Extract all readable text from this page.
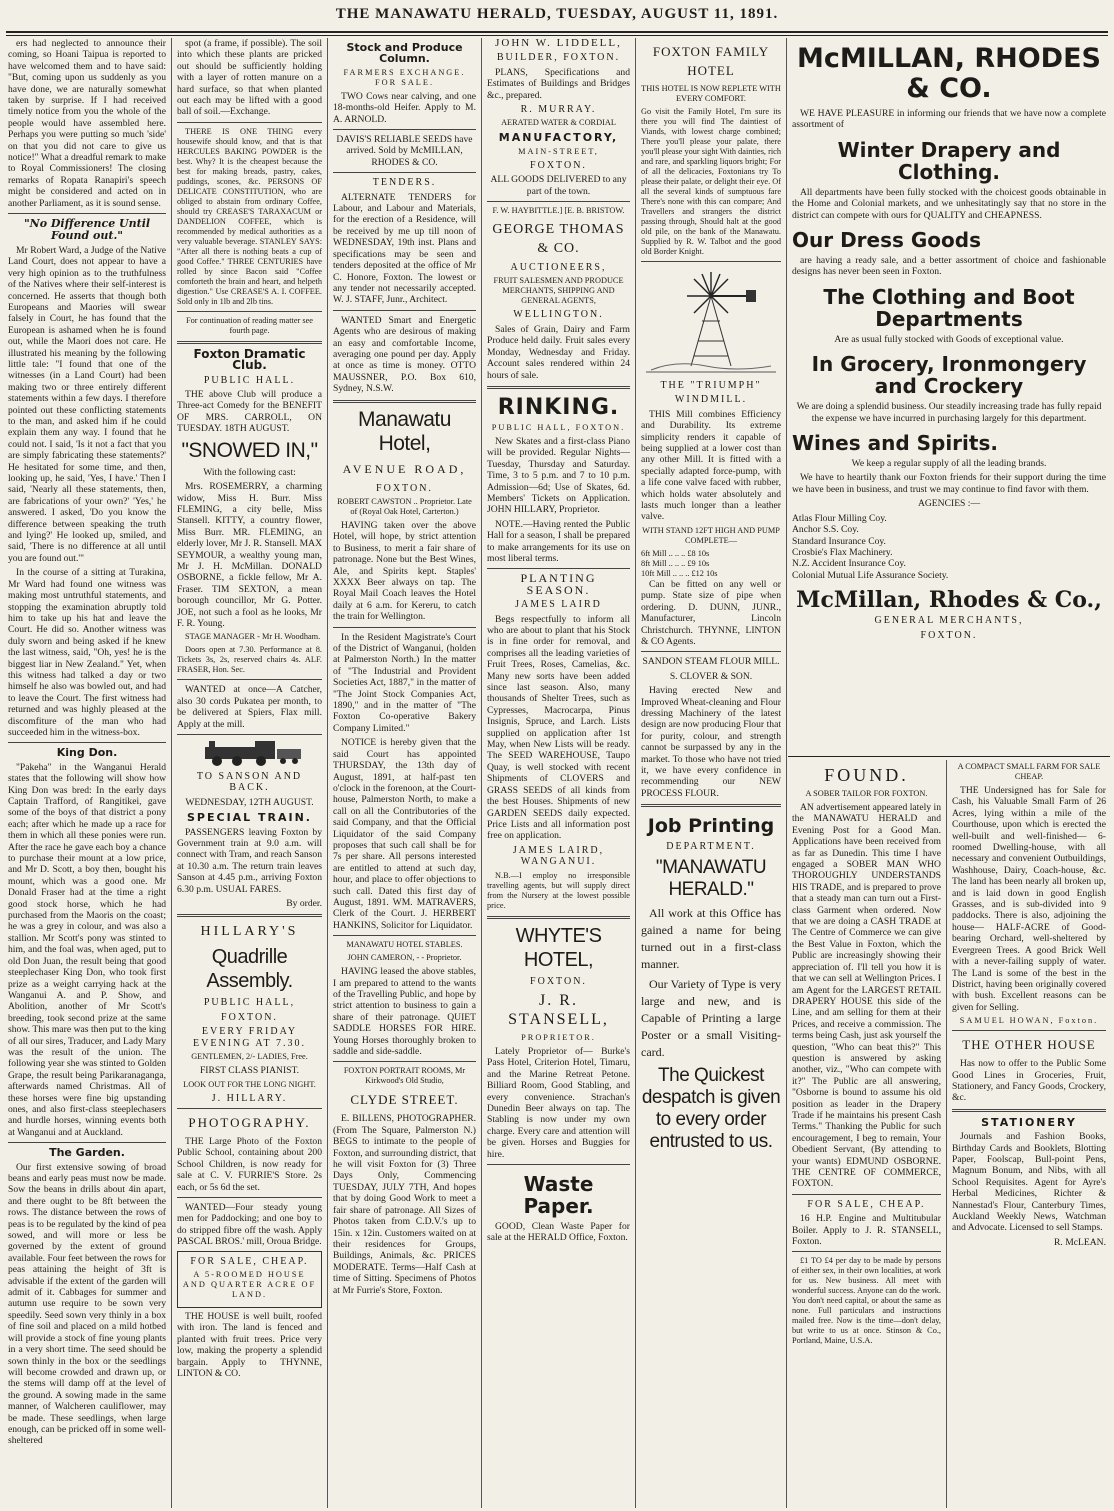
THE MANAWATU HERALD, TUESDAY, AUGUST 11, 1891.

ers had neglected to announce their coming, so Hoani Taipua is reported to have welcomed them and to have said: "But, coming upon us suddenly as you have done, we are naturally somewhat taken by surprise. If I had received timely notice from you the whole of the people would have assembled here. Perhaps you were putting so much 'side' on that you did not care to give us notice!" What a dreadful remark to make to Royal Commissioners! The closing remarks of Ropata Ranapiri's speech might be considered and acted on in another Parliament, as it is sound sense.

"No Difference Until Found out."

Mr Robert Ward, a Judge of the Native Land Court, does not appear to have a very high opinion as to the truthfulness of the Natives where their self-interest is concerned. He asserts that though both Europeans and Maories will swear falsely in Court, he has found that the European is ashamed when he is found out, while the Maori does not care. He illustrated his meaning by the following little tale: "I found that one of the witnesses (in a Land Court) had been making two or three entirely different statements within a few days. I therefore pointed out these conflicting statements to the man, and asked him if he could explain them any way. I found that he could not. I said, 'Is it not a fact that you are simply fabricating these statements?' He hesitated for some time, and then, looking up, he said, 'Yes, I have.' Then I said, 'Nearly all these statements, then, are fabrications of your own?' 'Yes,' he answered. I asked, 'Do you know the difference between speaking the truth and lying?' He looked up, smiled, and said, 'There is no difference at all until you are found out.'"

In the course of a sitting at Turakina, Mr Ward had found one witness was making most untruthful statements, and stopping the examination abruptly told him to take up his hat and leave the Court. He did so. Another witness was duly sworn and being asked if he knew the last witness, said, "Oh, yes! he is the biggest liar in New Zealand." Yet, when this witness had talked a day or two himself he also was bowled out, and had to leave the Court. The first witness had returned and was highly pleased at the discomfiture of the man who had succeeded him in the witness-box.

King Don.

"Pakeha" in the Wanganui Herald states that the following will show how King Don was bred: In the early days Captain Trafford, of Rangitikei, gave some of the boys of that district a pony each; after which he made up a race for them in which all these ponies were run. After the race he gave each boy a chance to purchase their mount at a low price, and Mr D. Scott, a boy then, bought his mount, which was a good one. Mr Donald Fraser had at the time a right good stock horse, which he had purchased from the Maoris on the coast; he was a grey in colour, and was also a stallion. Mr Scott's pony was stinted to him, and the foal was, when aged, put to old Don Juan, the result being that good steeplechaser King Don, who took first prize as a weight carrying hack at the Wanganui A. and P. Show, and Abolition, another of Mr Scott's breeding, took second prize at the same show. This mare was then put to the king of all our sires, Traducer, and Lady Mary was the result of the union. The following year she was stinted to Golden Grape, the result being Parikaranaganga, afterwards named Christmas. All of these horses were fine big upstanding ones, and also first-class steeplechasers and hurdle horses, winning events both at Wanganui and at Auckland.

The Garden.

Our first extensive sowing of broad beans and early peas must now be made. Sow the beans in drills about 4in apart, and there ought to be 8ft between the rows. The distance between the rows of peas is to be regulated by the kind of pea sowed, and will more or less be governed by the extent of ground available. Four feet between the rows for peas attaining the height of 3ft is advisable if the extent of the garden will admit of it. Cabbages for summer and autumn use require to be sown very speedily. Seed sown very thinly in a box of fine soil and placed on a mild hotbed will provide a stock of fine young plants in a very short time. The seed should be sown thinly in the box or the seedlings will become crowded and drawn up, or the stems will damp off at the level of the ground. A sowing made in the same manner, of Walcheren cauliflower, may be made. These seedlings, when large enough, can be pricked off in some well-sheltered

spot (a frame, if possible). The soil into which these plants are pricked out should be sufficiently holding with a layer of rotten manure on a hard surface, so that when planted out each may be lifted with a good ball of soil.—Exchange.

THERE IS ONE THING every housewife should know, and that is that HERCULES BAKING POWDER is the best. Why? It is the cheapest because the best for making breads, pastry, cakes, puddings, scones, &c. PERSONS OF DELICATE CONSTITUTION, who are obliged to abstain from ordinary Coffee, should try CREASE'S TARAXACUM or DANDELION COFFEE, which is recommended by medical authorities as a very valuable beverage. STANLEY SAYS: "After all there is nothing beats a cup of good Coffee." THREE CENTURIES have rolled by since Bacon said "Coffee comforteth the brain and heart, and helpeth digestion." Use CREASE'S A. I. COFFEE. Sold only in 1lb and 2lb tins.

For continuation of reading matter see fourth page.

Foxton Dramatic Club.

PUBLIC HALL.

THE above Club will produce a Three-act Comedy for the BENEFIT OF MRS. CARROLL, ON TUESDAY. 18TH AUGUST.

"SNOWED IN,"

With the following cast:

Mrs. ROSEMERRY, a charming widow, Miss H. Burr. Miss FLEMING, a city belle, Miss Stansell. KITTY, a country flower, Miss Burr. MR. FLEMING, an elderly lover, Mr J. R. Stansell. MAX SEYMOUR, a wealthy young man, Mr J. H. McMillan. DONALD OSBORNE, a fickle fellow, Mr A. Fraser. TIM SEXTON, a mean borough councillor, Mr G. Potter. JOE, not such a fool as he looks, Mr F. R. Young.

STAGE MANAGER - Mr H. Woodham.

Doors open at 7.30. Performance at 8. Tickets 3s, 2s, reserved chairs 4s. ALF. FRASER, Hon. Sec.

WANTED at once—A Catcher, also 30 cords Pukatea per month, to be delivered at Spiers, Flax mill. Apply at the mill.

TO SANSON AND BACK.

WEDNESDAY, 12TH AUGUST.

SPECIAL TRAIN.

PASSENGERS leaving Foxton by Government train at 9.0 a.m. will connect with Tram, and reach Sanson at 10.30 a.m. The return train leaves Sanson at 4.45 p.m., arriving Foxton 6.30 p.m. USUAL FARES.

By order.

HILLARY'S

Quadrille Assembly.

PUBLIC HALL,

FOXTON.

EVERY FRIDAY EVENING AT 7.30.

GENTLEMEN, 2/- LADIES, Free.

FIRST CLASS PIANIST.

LOOK OUT FOR THE LONG NIGHT.

J. HILLARY.

PHOTOGRAPHY.

THE Large Photo of the Foxton Public School, containing about 200 School Children, is now ready for sale at C. V. FURRIE'S Store. 2s each, or 5s 6d the set.

WANTED—Four steady young men for Paddocking; and one boy to do stripped fibre off the wash. Apply PASCAL BROS.' mill, Oroua Bridge.

FOR SALE, CHEAP.

A 5-ROOMED HOUSE AND QUARTER ACRE OF LAND.

THE HOUSE is well built, roofed with iron. The land is fenced and planted with fruit trees. Price very low, making the property a splendid bargain. Apply to THYNNE, LINTON & CO.

Stock and Produce Column.

FARMERS EXCHANGE. FOR SALE.

TWO Cows near calving, and one 18-months-old Heifer. Apply to M. A. ARNOLD.

DAVIS'S RELIABLE SEEDS have arrived. Sold by McMILLAN, RHODES & CO.

TENDERS.

ALTERNATE TENDERS for Labour, and Labour and Materials, for the erection of a Residence, will be received by me up till noon of WEDNESDAY, 19th inst. Plans and specifications may be seen and tenders deposited at the office of Mr C. Honore, Foxton. The lowest or any tender not necessarily accepted. W. J. STAFF, Junr., Architect.

WANTED Smart and Energetic Agents who are desirous of making an easy and comfortable Income, averaging one pound per day. Apply at once as time is money. OTTO MAUSSNER, P.O. Box 610, Sydney, N.S.W.

Manawatu Hotel,

AVENUE ROAD,

FOXTON.

ROBERT CAWSTON .. Proprietor. Late of (Royal Oak Hotel, Carterton.)

HAVING taken over the above Hotel, will hope, by strict attention to Business, to merit a fair share of patronage. None but the Best Wines, Ale, and Spirits kept. Staples' XXXX Beer always on tap. The Royal Mail Coach leaves the Hotel daily at 6 a.m. for Kereru, to catch the train for Wellington.

In the Resident Magistrate's Court of the District of Wanganui, (holden at Palmerston North.) In the matter of "The Industrial and Provident Societies Act, 1887," in the matter of "The Joint Stock Companies Act, 1890," and in the matter of "The Foxton Co-operative Bakery Company Limited."

NOTICE is hereby given that the said Court has appointed THURSDAY, the 13th day of August, 1891, at half-past ten o'clock in the forenoon, at the Court-house, Palmerston North, to make a call on all the Contributories of the said Company, and that the Official Liquidator of the said Company proposes that such call shall be for 7s per share. All persons interested are entitled to attend at such day, hour, and place to offer objections to such call. Dated this first day of August, 1891. WM. MATRAVERS, Clerk of the Court. J. HERBERT HANKINS, Solicitor for Liquidator.

MANAWATU HOTEL STABLES.

JOHN CAMERON, - - Proprietor.

HAVING leased the above stables, I am prepared to attend to the wants of the Travelling Public, and hope by strict attention to business to gain a share of their patronage. QUIET SADDLE HORSES FOR HIRE. Young Horses thoroughly broken to saddle and side-saddle.

FOXTON PORTRAIT ROOMS, Mr Kirkwood's Old Studio,

CLYDE STREET.

E. BILLENS, PHOTOGRAPHER. (From The Square, Palmerston N.) BEGS to intimate to the people of Foxton, and surrounding district, that he will visit Foxton for (3) Three Days Only, Commencing TUESDAY, JULY 7TH, And hopes that by doing Good Work to meet a fair share of patronage. All Sizes of Photos taken from C.D.V.'s up to 15in. x 12in. Customers waited on at their residences for Groups, Buildings, Animals, &c. PRICES MODERATE. Terms—Half Cash at time of Sitting. Specimens of Photos at Mr Furrie's Store, Foxton.

JOHN W. LIDDELL,

BUILDER, FOXTON.

PLANS, Specifications and Estimates of Buildings and Bridges &c., prepared.

R. MURRAY.

AERATED WATER & CORDIAL

MANUFACTORY,

MAIN-STREET,

FOXTON.

ALL GOODS DELIVERED to any part of the town.

F. W. HAYBITTLE.] [E. B. BRISTOW.

GEORGE THOMAS & CO.

AUCTIONEERS,

FRUIT SALESMEN AND PRODUCE MERCHANTS, SHIPPING AND GENERAL AGENTS,

WELLINGTON.

Sales of Grain, Dairy and Farm Produce held daily. Fruit sales every Monday, Wednesday and Friday. Account sales rendered within 24 hours of sale.

RINKING.

PUBLIC HALL, FOXTON.

New Skates and a first-class Piano will be provided. Regular Nights—Tuesday, Thursday and Saturday. Time, 3 to 5 p.m. and 7 to 10 p.m. Admission—6d; Use of Skates, 6d. Members' Tickets on Application. JOHN HILLARY, Proprietor.

NOTE.—Having rented the Public Hall for a season, I shall be prepared to make arrangements for its use on most liberal terms.

PLANTING SEASON.

JAMES LAIRD

Begs respectfully to inform all who are about to plant that his Stock is in fine order for removal, and comprises all the leading varieties of Fruit Trees, Roses, Camelias, &c. Many new sorts have been added since last season. Also, many thousands of Shelter Trees, such as Cypresses, Macrocarpa, Pinus Insignis, Spruce, and Larch. Lists supplied on application after 1st May, when New Lists will be ready. The SEED WAREHOUSE, Taupo Quay, is well stocked with recent Shipments of CLOVERS and GRASS SEEDS of all kinds from the best Houses. Shipments of new GARDEN SEEDS daily expected. Price Lists and all information post free on application.

JAMES LAIRD, WANGANUI.

N.B.—I employ no irresponsible travelling agents, but will supply direct from the Nursery at the lowest possible price.

WHYTE'S HOTEL,

FOXTON.

J. R. STANSELL,

PROPRIETOR.

Lately Proprietor of— Burke's Pass Hotel, Criterion Hotel, Timaru, and the Marine Retreat Petone. Billiard Room, Good Stabling, and every convenience. Strachan's Dunedin Beer always on tap. The Stabling is now under my own charge. Every care and attention will be given. Horses and Buggies for hire.

Waste Paper.

GOOD, Clean Waste Paper for sale at the HERALD Office, Foxton.

FOXTON FAMILY HOTEL

THIS HOTEL IS NOW REPLETE WITH EVERY COMFORT.

Go visit the Family Hotel, I'm sure its there you will find The daintiest of Viands, with lowest charge combined; There you'll please your palate, there you'll please your sight With dainties, rich and rare, and sparkling liquors bright; For of all the delicacies, Foxtonians try To please their palate, or delight their eye. Of all the several kinds of sumptuous fare There's none with this can compare; And Travellers and strangers the district passing through, Should halt at the good old pile, on the bank of the Manawatu. Supplied by R. W. Talbot and the good old Border Knight.

THE "TRIUMPH"

WINDMILL.

THIS Mill combines Efficiency and Durability. Its extreme simplicity renders it capable of being supplied at a lower cost than any other Mill. It is fitted with a specially adapted force-pump, with a life cone valve faced with rubber, which holds water absolutely and lasts much longer than a leather valve.

WITH STAND 12FT HIGH AND PUMP COMPLETE—

6ft Mill .. .. .. £8 10s
8ft Mill .. .. .. £9 10s
10ft Mill .. .. .. £12 10s

Can be fitted on any well or pump. State size of pipe when ordering. D. DUNN, JUNR., Manufacturer, Lincoln Christchurch. THYNNE, LINTON & CO Agents.

SANDON STEAM FLOUR MILL.

S. CLOVER & SON.

Having erected New and Improved Wheat-cleaning and Flour dressing Machinery of the latest design are now producing Flour that for purity, colour, and strength cannot be surpassed by any in the market. To those who have not tried it, we have every confidence in recommending our NEW PROCESS FLOUR.

Job Printing

DEPARTMENT.

"MANAWATU HERALD."

All work at this Office has gained a name for being turned out in a first-class manner.

Our Variety of Type is very large and new, and is Capable of Printing a large Poster or a small Visiting-card.

The Quickest despatch is given to every order entrusted to us.

McMILLAN, RHODES & CO.

WE HAVE PLEASURE in informing our friends that we have now a complete assortment of

Winter Drapery and Clothing.

All departments have been fully stocked with the choicest goods obtainable in the Home and Colonial markets, and we unhesitatingly say that no store in the district can compete with ours for QUALITY and CHEAPNESS.

Our Dress Goods

are having a ready sale, and a better assortment of choice and fashionable designs has never been seen in Foxton.

The Clothing and Boot Departments

Are as usual fully stocked with Goods of exceptional value.

In Grocery, Ironmongery and Crockery

We are doing a splendid business. Our steadily increasing trade has fully repaid the expense we have incurred in purchasing largely for this department.

Wines and Spirits.

We keep a regular supply of all the leading brands.

We have to heartily thank our Foxton friends for their support during the time we have been in business, and trust we may continue to find favor with them.

AGENCIES :—

Atlas Flour Milling Coy.
Anchor S.S. Coy.
Standard Insurance Coy.
Crosbie's Flax Machinery.
N.Z. Accident Insurance Coy.
Colonial Mutual Life Assurance Society.

McMillan, Rhodes & Co.,

GENERAL MERCHANTS,

FOXTON.

FOUND.

A SOBER TAILOR FOR FOXTON.

AN advertisement appeared lately in the MANAWATU HERALD and Evening Post for a Good Man. Applications have been received from as far as Dunedin. This time I have engaged a SOBER MAN WHO THOROUGHLY UNDERSTANDS HIS TRADE, and is prepared to prove that a steady man can turn out a First-class Garment when ordered. Now that we are doing a CASH TRADE at The Centre of Commerce we can give the Best Value in Foxton, which the Public are increasingly showing their appreciation of. I'll tell you how it is that we can sell at Wellington Prices. I am Agent for the LARGEST RETAIL DRAPERY HOUSE this side of the Line, and am selling for them at their Prices, and receive a commission. The terms being Cash, just ask yourself the question, "Who can beat this?" This question is answered by asking another, viz., "Who can compete with it?" The Public are all answering, "Osborne is bound to assume his old position as leader in the Drapery Trade if he maintains his present Cash Terms." Thanking the Public for such encouragement, I beg to remain, Your Obedient Servant, (By attending to your wants) EDMUND OSBORNE. THE CENTRE OF COMMERCE, FOXTON.

FOR SALE, CHEAP.

16 H.P. Engine and Multitubular Boiler. Apply to J. R. STANSELL, Foxton.

£1 TO £4 per day to be made by persons of either sex, in their own localities, at work for us. New business. All meet with wonderful success. Anyone can do the work. You don't need capital, or about the same as none. Full particulars and instructions mailed free. Now is the time—don't delay, but write to us at once. Stinson & Co., Portland, Maine, U.S.A.

A COMPACT SMALL FARM FOR SALE CHEAP.

THE Undersigned has for Sale for Cash, his Valuable Small Farm of 26 Acres, lying within a mile of the Courthouse, upon which is erected the well-built and well-finished— 6-roomed Dwelling-house, with all necessary and convenient Outbuildings, Washhouse, Dairy, Coach-house, &c. The land has been nearly all broken up, and is laid down in good English Grasses, and is sub-divided into 9 paddocks. There is also, adjoining the house— HALF-ACRE of Good-bearing Orchard, well-sheltered by Evergreen Trees. A good Brick Well with a never-failing supply of water. The Land is some of the best in the District, having been originally covered with bush. Excellent reasons can be given for Selling.

SAMUEL HOWAN, Foxton.

THE OTHER HOUSE

Has now to offer to the Public Some Good Lines in Groceries, Fruit, Stationery, and Fancy Goods, Crockery, &c.

STATIONERY

Journals and Fashion Books, Birthday Cards and Booklets, Blotting Paper, Foolscap, Bull-point Pens, Magnum Bonum, and Nibs, with all School Requisites. Agent for Ayre's Herbal Medicines, Richter & Nannestad's Flour, Canterbury Times, Auckland Weekly News, Watchman and Advocate. Licensed to sell Stamps.

R. McLEAN.
